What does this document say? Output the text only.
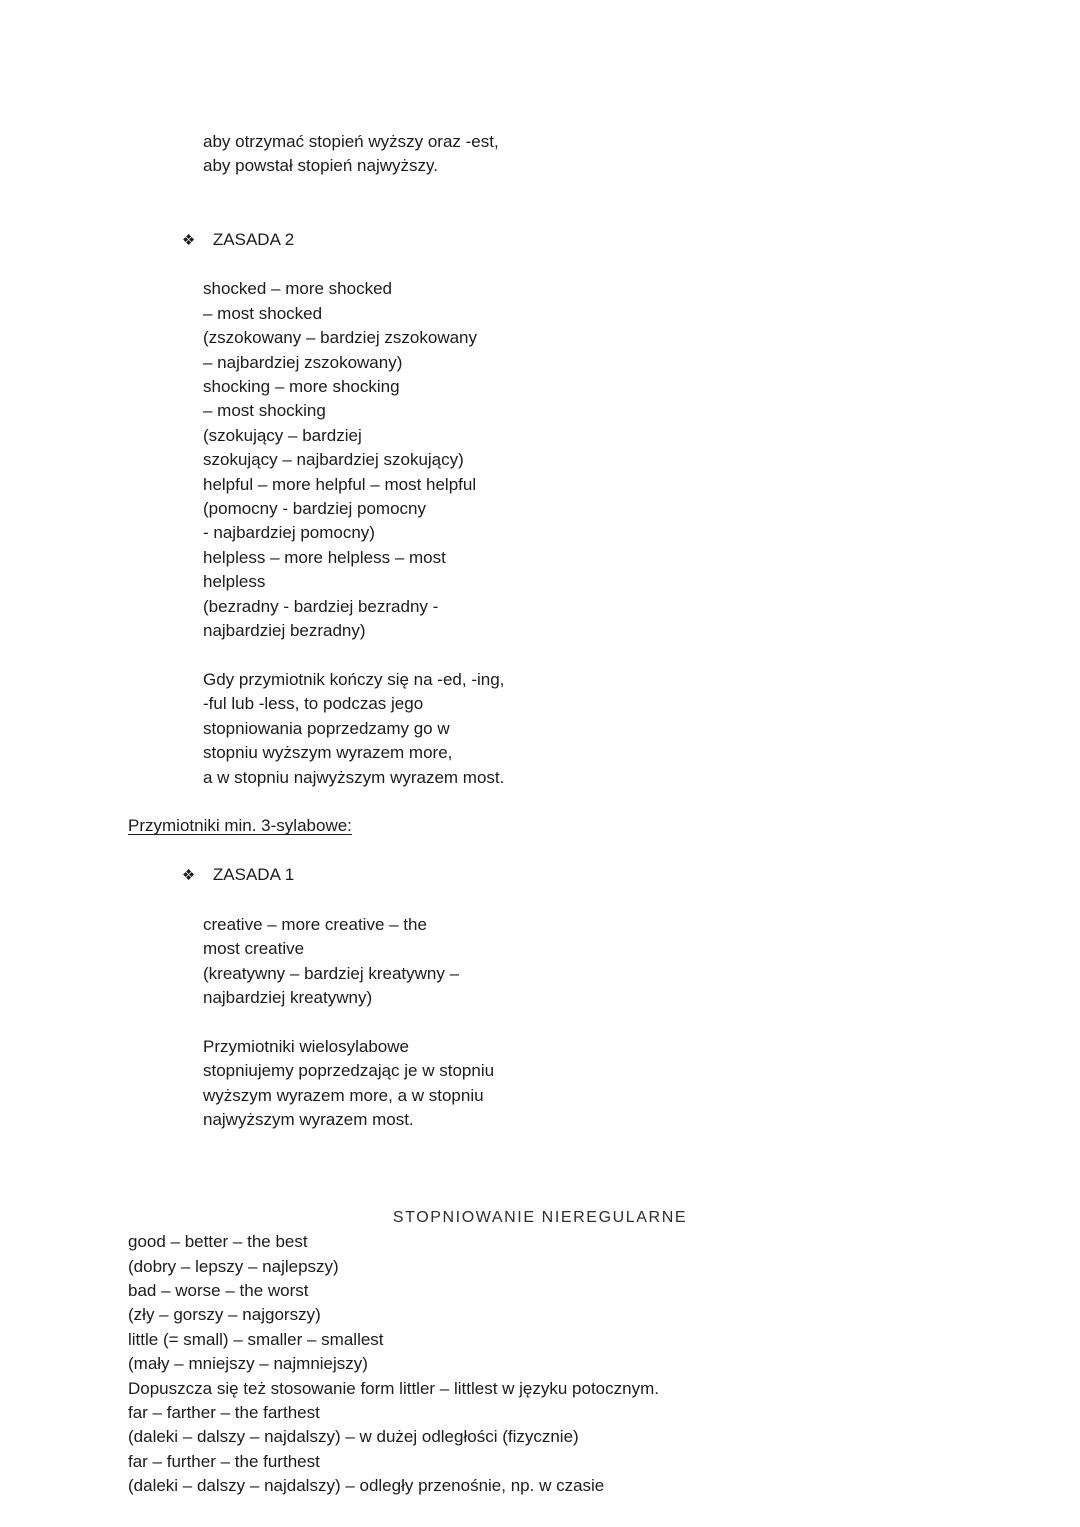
aby otrzymać stopień wyższy oraz -est,
aby powstał stopień najwyższy.

❖ ZASADA 2

shocked – more shocked
– most shocked
(zszokowany – bardziej zszokowany
– najbardziej zszokowany)
shocking – more shocking
– most shocking
(szokujący – bardziej
szokujący – najbardziej szokujący)
helpful – more helpful – most helpful
(pomocny - bardziej pomocny
- najbardziej pomocny)
helpless – more helpless – most
helpless
(bezradny - bardziej bezradny -
najbardziej bezradny)
Gdy przymiotnik kończy się na -ed, -ing,
-ful lub -less, to podczas jego
stopniowania poprzedzamy go w
stopniu wyższym wyrazem more,
a w stopniu najwyższym wyrazem most.
Przymiotniki min. 3-sylabowe:

❖ ZASADA 1

creative – more creative – the
most creative
(kreatywny – bardziej kreatywny –
najbardziej kreatywny)
Przymiotniki wielosylabowe
stopniujemy poprzedzając je w stopniu
wyższym wyrazem more, a w stopniu
najwyższym wyrazem most.
STOPNIOWANIE NIEREGULARNE
good – better – the best
(dobry – lepszy – najlepszy)
bad – worse – the worst
(zły – gorszy – najgorszy)
little (= small) – smaller – smallest
(mały – mniejszy – najmniejszy)
Dopuszcza się też stosowanie form littler – littlest w języku potocznym.
far – farther – the farthest
(daleki – dalszy – najdalszy) – w dużej odległości (fizycznie)
far – further – the furthest
(daleki – dalszy – najdalszy) – odległy przenośnie, np. w czasie
